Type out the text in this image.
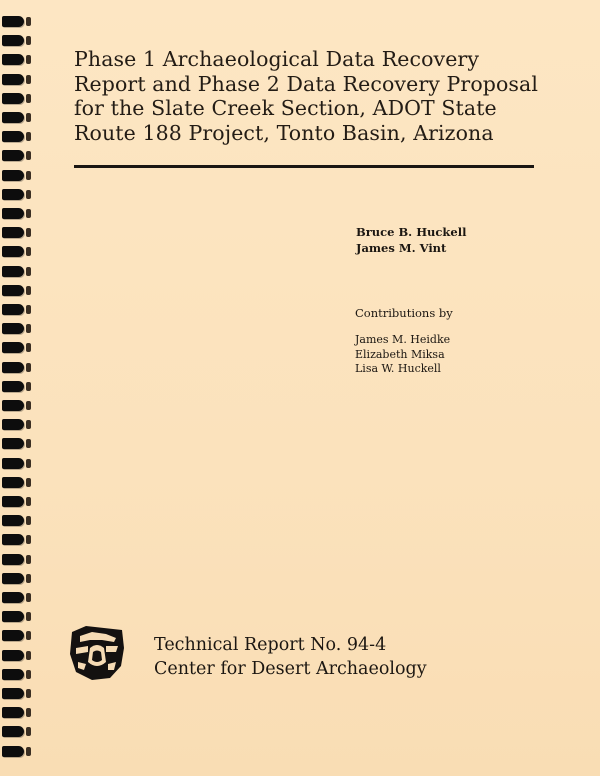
Phase 1 Archaeological Data Recovery
Report and Phase 2 Data Recovery Proposal
for the Slate Creek Section, ADOT State
Route 188 Project, Tonto Basin, Arizona
Bruce B. Huckell
James M. Vint
Contributions by
James M. Heidke
Elizabeth Miksa
Lisa W. Huckell
Technical Report No. 94-4
Center for Desert Archaeology
